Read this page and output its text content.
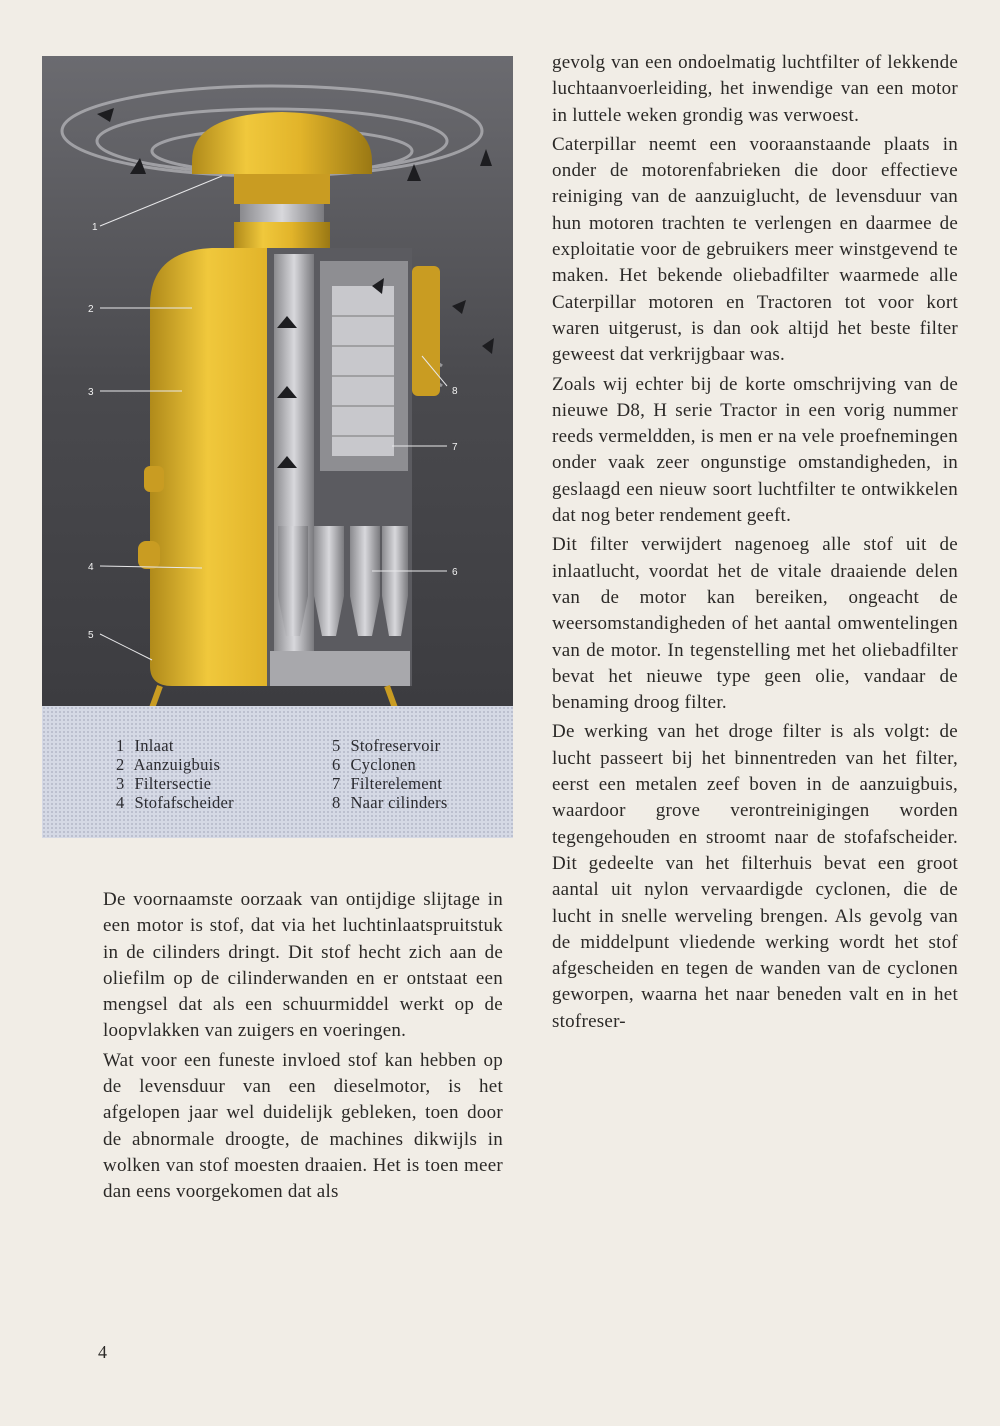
1
2
3
4
5
6
7
8
1 Inlaat
2 Aanzuigbuis
3 Filtersectie
4 Stofafscheider
5 Stofreservoir
6 Cyclonen
7 Filterelement
8 Naar cilinders

De voornaamste oorzaak van ontijdige slijtage in een motor is stof, dat via het luchtinlaatspruitstuk in de cilinders dringt. Dit stof hecht zich aan de oliefilm op de cilinderwanden en er ontstaat een mengsel dat als een schuurmiddel werkt op de loopvlakken van zuigers en voeringen.

Wat voor een funeste invloed stof kan hebben op de levensduur van een dieselmotor, is het afgelopen jaar wel duidelijk gebleken, toen door de abnormale droogte, de machines dikwijls in wolken van stof moesten draaien. Het is toen meer dan eens voorgekomen dat als

gevolg van een ondoelmatig luchtfilter of lekkende luchtaanvoerleiding, het inwendige van een motor in luttele weken grondig was verwoest.

Caterpillar neemt een vooraanstaande plaats in onder de motorenfabrieken die door effectieve reiniging van de aanzuiglucht, de levensduur van hun motoren trachten te verlengen en daarmee de exploitatie voor de gebruikers meer winstgevend te maken. Het bekende oliebadfilter waarmede alle Caterpillar motoren en Tractoren tot voor kort waren uitgerust, is dan ook altijd het beste filter geweest dat verkrijgbaar was.

Zoals wij echter bij de korte omschrijving van de nieuwe D8, H serie Tractor in een vorig nummer reeds vermeldden, is men er na vele proefnemingen onder vaak zeer ongunstige omstandigheden, in geslaagd een nieuw soort luchtfilter te ontwikkelen dat nog beter rendement geeft.

Dit filter verwijdert nagenoeg alle stof uit de inlaatlucht, voordat het de vitale draaiende delen van de motor kan bereiken, ongeacht de weersomstandigheden of het aantal omwentelingen van de motor. In tegenstelling met het oliebadfilter bevat het nieuwe type geen olie, vandaar de benaming droog filter.

De werking van het droge filter is als volgt: de lucht passeert bij het binnentreden van het filter, eerst een metalen zeef boven in de aanzuigbuis, waardoor grove verontreinigingen worden tegengehouden en stroomt naar de stofafscheider. Dit gedeelte van het filterhuis bevat een groot aantal uit nylon vervaardigde cyclonen, die de lucht in snelle werveling brengen. Als gevolg van de middelpunt vliedende werking wordt het stof afgescheiden en tegen de wanden van de cyclonen geworpen, waarna het naar beneden valt en in het stofreser-

4
